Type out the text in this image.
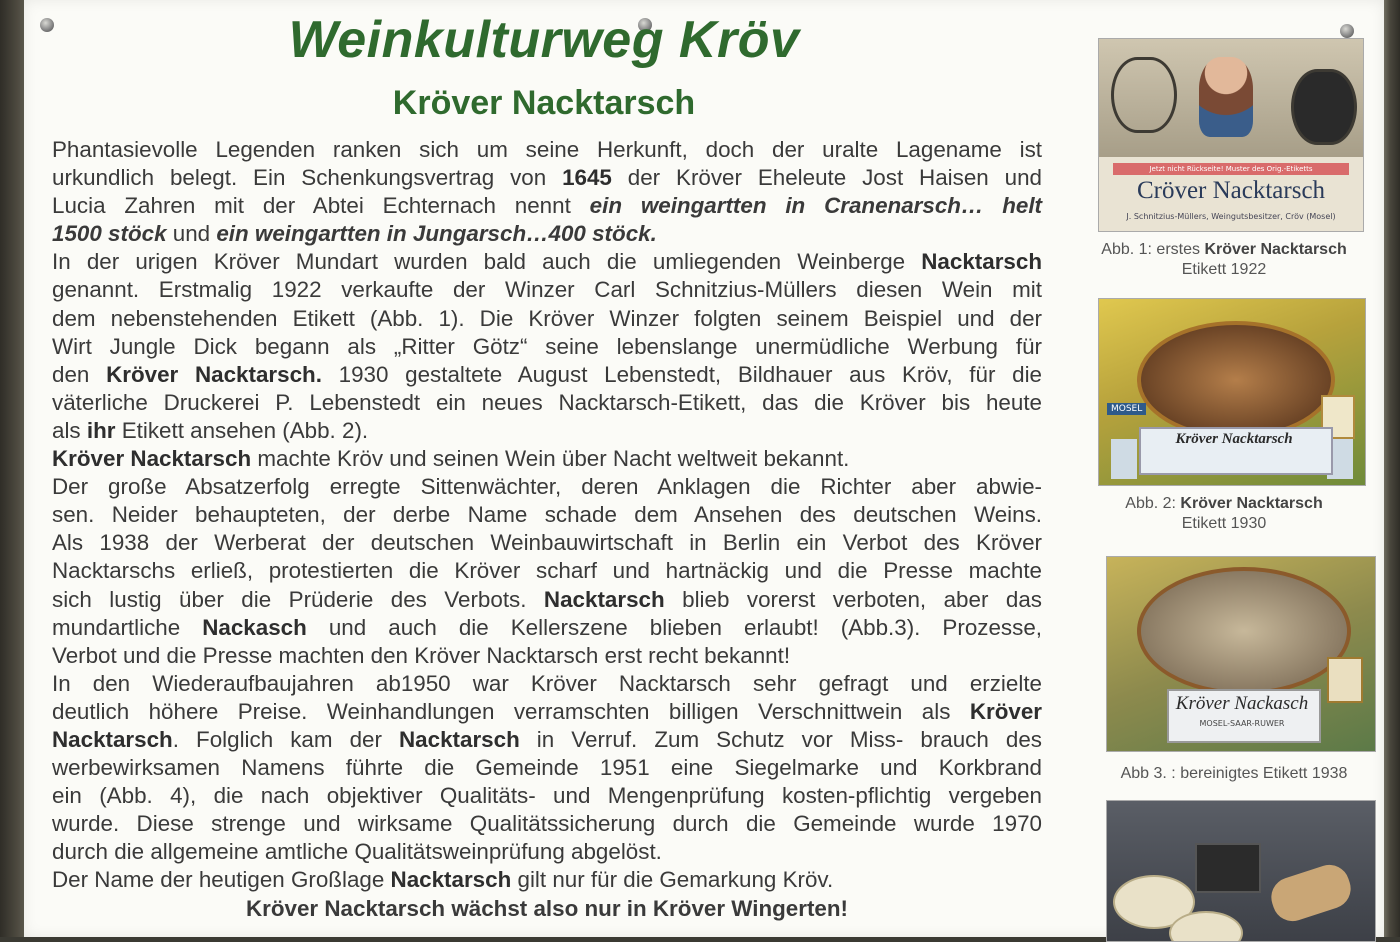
Weinkulturweg Kröv
Kröver Nacktarsch
Phantasievolle Legenden ranken sich um seine Herkunft, doch der uralte Lagename ist
urkundlich belegt. Ein Schenkungsvertrag von 1645 der Kröver Eheleute Jost Haisen und
Lucia Zahren mit der Abtei Echternach nennt ein weingartten in Cranenarsch… helt
1500 stöck und ein weingartten in Jungarsch…400 stöck.
In der urigen Kröver Mundart wurden bald auch die umliegenden Weinberge Nacktarsch
genannt. Erstmalig 1922 verkaufte der Winzer Carl Schnitzius-Müllers diesen Wein mit
dem nebenstehenden Etikett (Abb. 1). Die Kröver Winzer folgten seinem Beispiel und der
Wirt Jungle Dick begann als „Ritter Götz“ seine lebenslange unermüdliche Werbung für
den Kröver Nacktarsch. 1930 gestaltete August Lebenstedt, Bildhauer aus Kröv, für die
väterliche Druckerei P. Lebenstedt ein neues Nacktarsch-Etikett, das die Kröver bis heute
als ihr Etikett ansehen (Abb. 2).
Kröver Nacktarsch machte Kröv und seinen Wein über Nacht weltweit bekannt.
Der große Absatzerfolg erregte Sittenwächter, deren Anklagen die Richter aber abwie-
sen. Neider behaupteten, der derbe Name schade dem Ansehen des deutschen Weins.
Als 1938 der Werberat der deutschen Weinbauwirtschaft in Berlin ein Verbot des Kröver
Nacktarschs erließ, protestierten die Kröver scharf und hartnäckig und die Presse machte
sich lustig über die Prüderie des Verbots. Nacktarsch blieb vorerst verboten, aber das
mundartliche Nackasch und auch die Kellerszene blieben erlaubt! (Abb.3). Prozesse,
Verbot und die Presse machten den Kröver Nacktarsch erst recht bekannt!
In den Wiederaufbaujahren ab1950 war Kröver Nacktarsch sehr gefragt und erzielte
deutlich höhere Preise. Weinhandlungen verramschten billigen Verschnittwein als Kröver
Nacktarsch. Folglich kam der Nacktarsch in Verruf. Zum Schutz vor Miss- brauch des
werbewirksamen Namens führte die Gemeinde 1951 eine Siegelmarke und Korkbrand
ein (Abb. 4), die nach objektiver Qualitäts- und Mengenprüfung kosten-pflichtig vergeben
wurde. Diese strenge und wirksame Qualitätssicherung durch die Gemeinde wurde 1970
durch die allgemeine amtliche Qualitätsweinprüfung abgelöst.
Der Name der heutigen Großlage Nacktarsch gilt nur für die Gemarkung Kröv.
Kröver Nacktarsch wächst also nur in Kröver Wingerten!
Jetzt nicht Rückseite! Muster des Orig.-Etiketts
Cröver Nacktarsch
J. Schnitzius-Müllers, Weingutsbesitzer, Cröv (Mosel)
Abb. 1: erstes Kröver Nacktarsch
Etikett 1922
MOSEL
Kröver Nacktarsch
Abb. 2: Kröver Nacktarsch
Etikett 1930
Kröver Nackasch
MOSEL-SAAR-RUWER
Abb 3. : bereinigtes Etikett 1938
